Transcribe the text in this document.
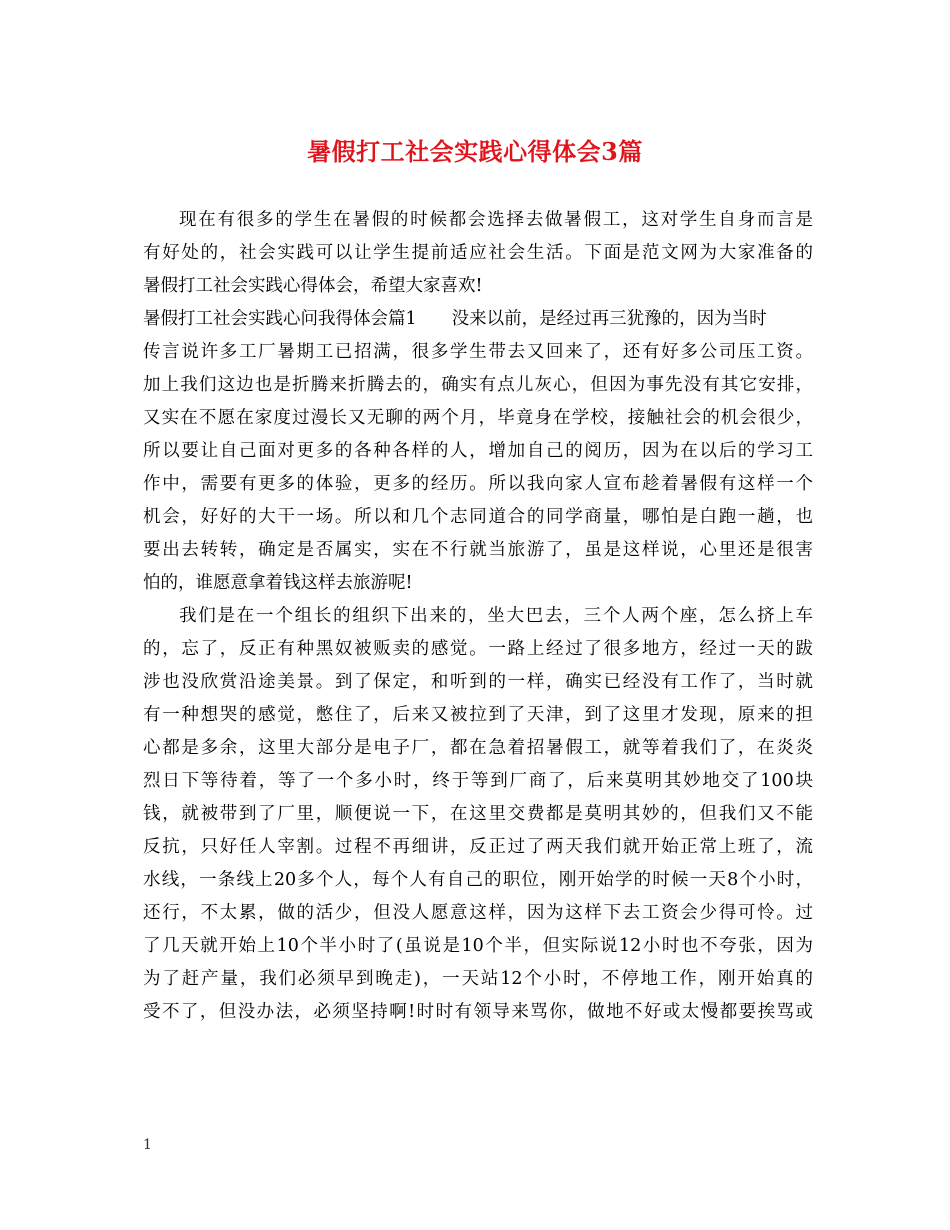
暑假打工社会实践心得体会3篇
现在有很多的学生在暑假的时候都会选择去做暑假工，这对学生自身而言是
有好处的，社会实践可以让学生提前适应社会生活。下面是范文网为大家准备的
暑假打工社会实践心得体会，希望大家喜欢!
暑假打工社会实践心问我得体会篇1　　没来以前，是经过再三犹豫的，因为当时
传言说许多工厂暑期工已招满，很多学生带去又回来了，还有好多公司压工资。
加上我们这边也是折腾来折腾去的，确实有点儿灰心，但因为事先没有其它安排，
又实在不愿在家度过漫长又无聊的两个月，毕竟身在学校，接触社会的机会很少，
所以要让自己面对更多的各种各样的人，增加自己的阅历，因为在以后的学习工
作中，需要有更多的体验，更多的经历。所以我向家人宣布趁着暑假有这样一个
机会，好好的大干一场。所以和几个志同道合的同学商量，哪怕是白跑一趟，也
要出去转转，确定是否属实，实在不行就当旅游了，虽是这样说，心里还是很害
怕的，谁愿意拿着钱这样去旅游呢!
我们是在一个组长的组织下出来的，坐大巴去，三个人两个座，怎么挤上车
的，忘了，反正有种黑奴被贩卖的感觉。一路上经过了很多地方，经过一天的跋
涉也没欣赏沿途美景。到了保定，和听到的一样，确实已经没有工作了，当时就
有一种想哭的感觉，憋住了，后来又被拉到了天津，到了这里才发现，原来的担
心都是多余，这里大部分是电子厂，都在急着招暑假工，就等着我们了，在炎炎
烈日下等待着，等了一个多小时，终于等到厂商了，后来莫明其妙地交了100块
钱，就被带到了厂里，顺便说一下，在这里交费都是莫明其妙的，但我们又不能
反抗，只好任人宰割。过程不再细讲，反正过了两天我们就开始正常上班了，流
水线，一条线上20多个人，每个人有自己的职位，刚开始学的时候一天8个小时，
还行，不太累，做的活少，但没人愿意这样，因为这样下去工资会少得可怜。过
了几天就开始上10个半小时了(虽说是10个半，但实际说12小时也不夸张，因为
为了赶产量，我们必须早到晚走)，一天站12个小时，不停地工作，刚开始真的
受不了，但没办法，必须坚持啊!时时有领导来骂你，做地不好或太慢都要挨骂或
1
